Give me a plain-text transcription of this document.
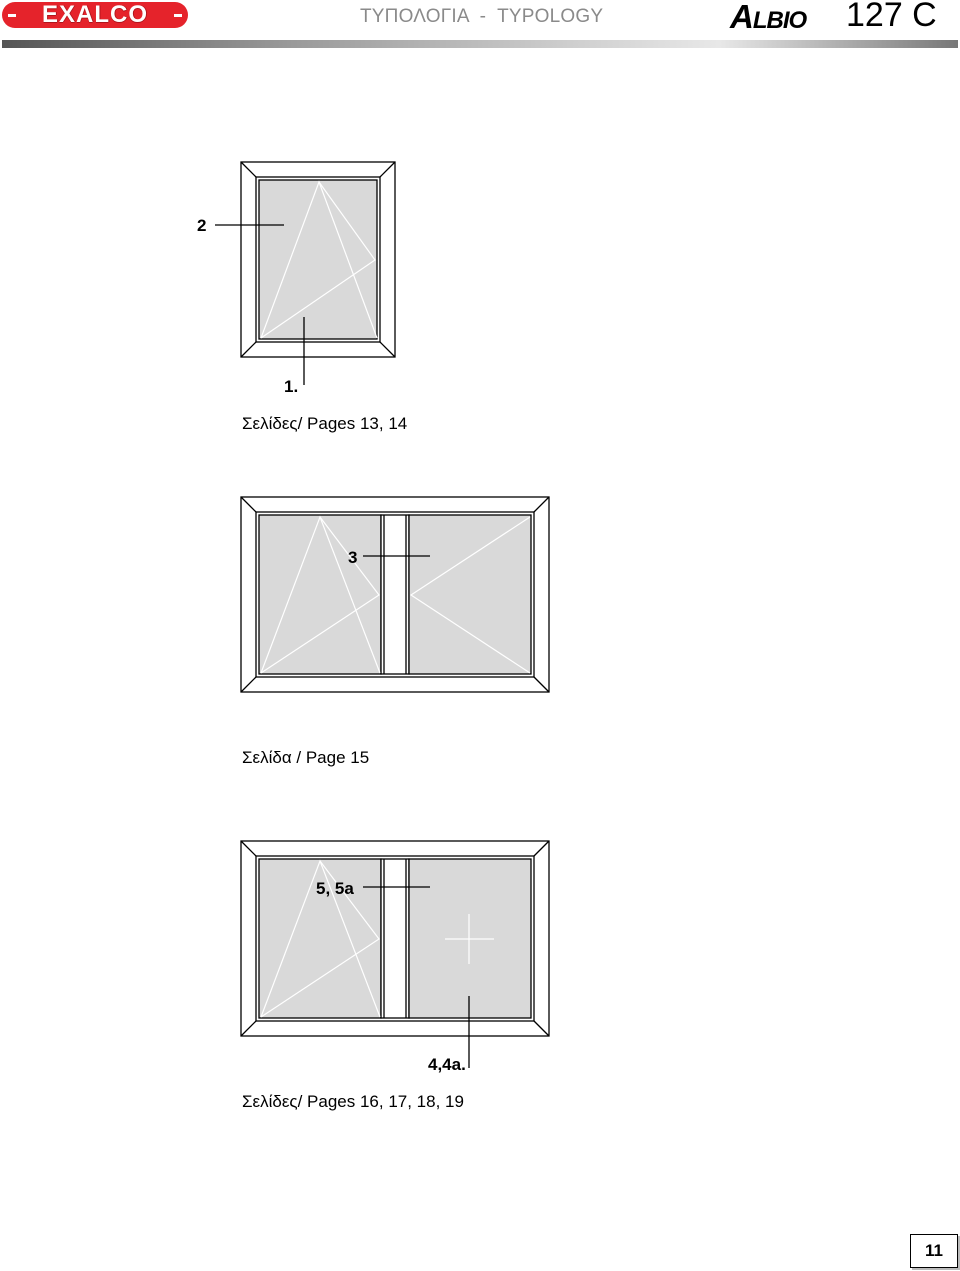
EXALCO	ΤΥΠΟΛΟΓΙΑ  -  TYPOLOGY	ALBIO 127 C
2
1.
Σελίδες/ Pages 13, 14
3
Σελίδα / Page 15
5, 5a
4,4a.
Σελίδες/ Pages 16, 17, 18, 19
11
